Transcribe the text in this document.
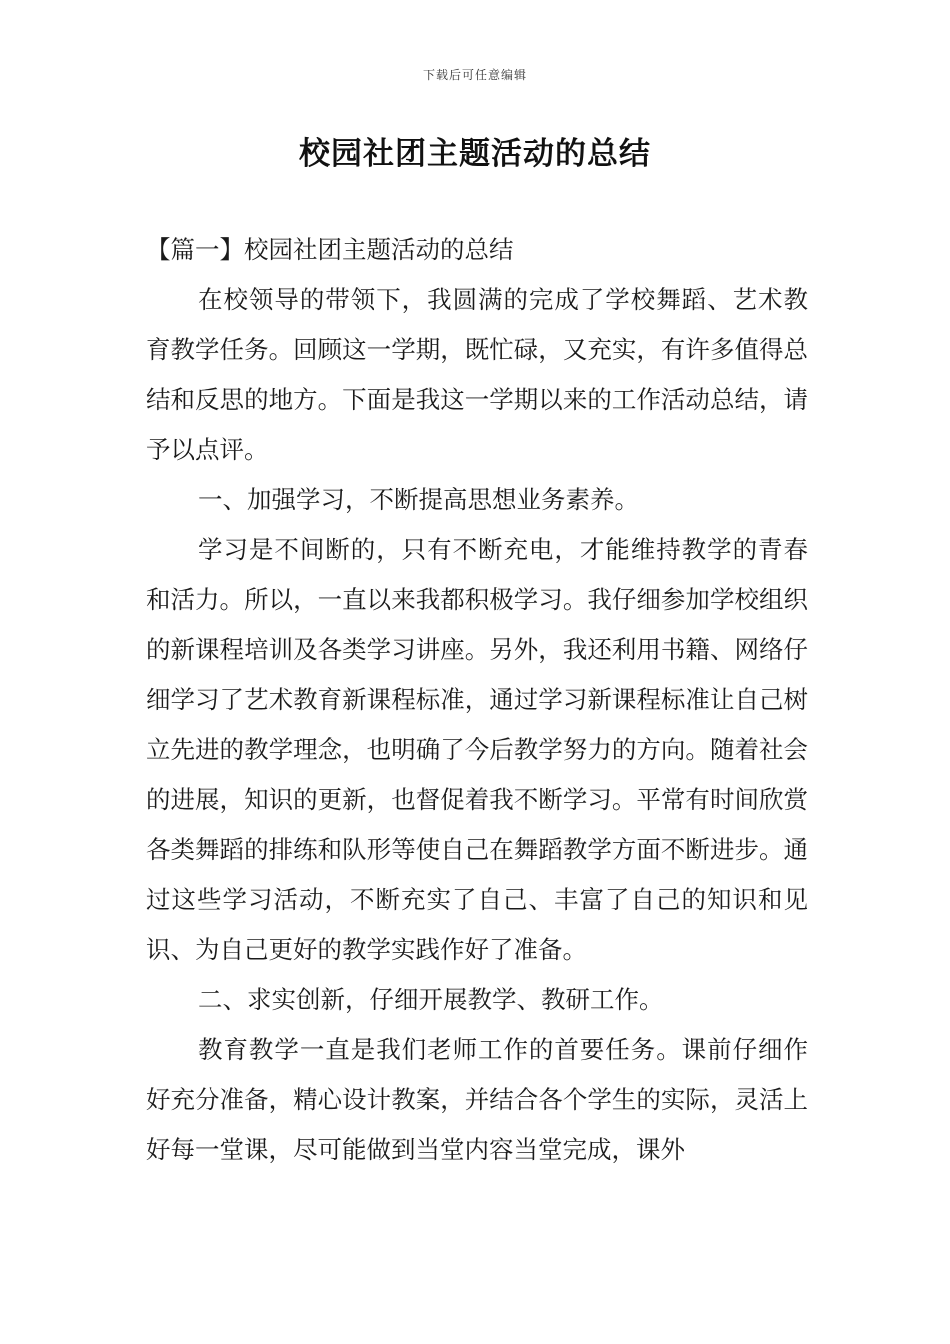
下载后可任意编辑
校园社团主题活动的总结

【篇一】校园社团主题活动的总结

在校领导的带领下，我圆满的完成了学校舞蹈、艺术教育教学任务。回顾这一学期，既忙碌，又充实，有许多值得总结和反思的地方。下面是我这一学期以来的工作活动总结，请予以点评。

一、加强学习，不断提高思想业务素养。

学习是不间断的，只有不断充电，才能维持教学的青春和活力。所以，一直以来我都积极学习。我仔细参加学校组织的新课程培训及各类学习讲座。另外，我还利用书籍、网络仔细学习了艺术教育新课程标准，通过学习新课程标准让自己树立先进的教学理念，也明确了今后教学努力的方向。随着社会的进展，知识的更新，也督促着我不断学习。平常有时间欣赏各类舞蹈的排练和队形等使自己在舞蹈教学方面不断进步。通过这些学习活动，不断充实了自己、丰富了自己的知识和见识、为自己更好的教学实践作好了准备。

二、求实创新，仔细开展教学、教研工作。

教育教学一直是我们老师工作的首要任务。课前仔细作好充分准备，精心设计教案，并结合各个学生的实际，灵活上好每一堂课，尽可能做到当堂内容当堂完成，课外
